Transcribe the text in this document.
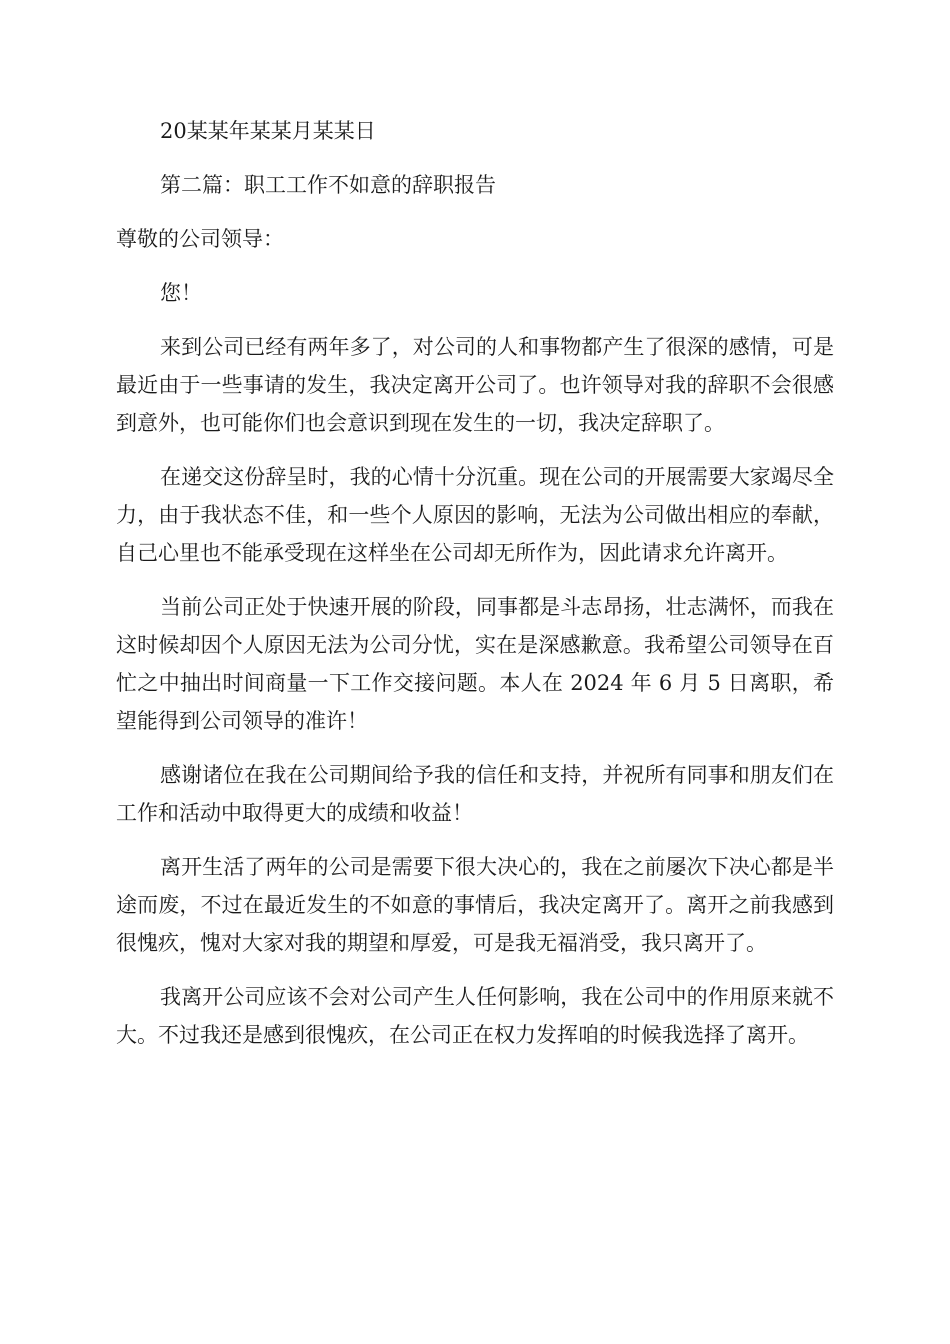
20某某年某某月某某日

第二篇：职工工作不如意的辞职报告

尊敬的公司领导：

您！

来到公司已经有两年多了，对公司的人和事物都产生了很深的感情，可是最近由于一些事请的发生，我决定离开公司了。也许领导对我的辞职不会很感到意外，也可能你们也会意识到现在发生的一切，我决定辞职了。

在递交这份辞呈时，我的心情十分沉重。现在公司的开展需要大家竭尽全力，由于我状态不佳，和一些个人原因的影响，无法为公司做出相应的奉献，自己心里也不能承受现在这样坐在公司却无所作为，因此请求允许离开。

当前公司正处于快速开展的阶段，同事都是斗志昂扬，壮志满怀，而我在这时候却因个人原因无法为公司分忧，实在是深感歉意。我希望公司领导在百忙之中抽出时间商量一下工作交接问题。本人在 2024 年 6 月 5 日离职，希望能得到公司领导的准许！

感谢诸位在我在公司期间给予我的信任和支持，并祝所有同事和朋友们在工作和活动中取得更大的成绩和收益！

离开生活了两年的公司是需要下很大决心的，我在之前屡次下决心都是半途而废，不过在最近发生的不如意的事情后，我决定离开了。离开之前我感到很愧疚，愧对大家对我的期望和厚爱，可是我无福消受，我只离开了。

我离开公司应该不会对公司产生人任何影响，我在公司中的作用原来就不大。不过我还是感到很愧疚，在公司正在权力发挥咱的时候我选择了离开。
